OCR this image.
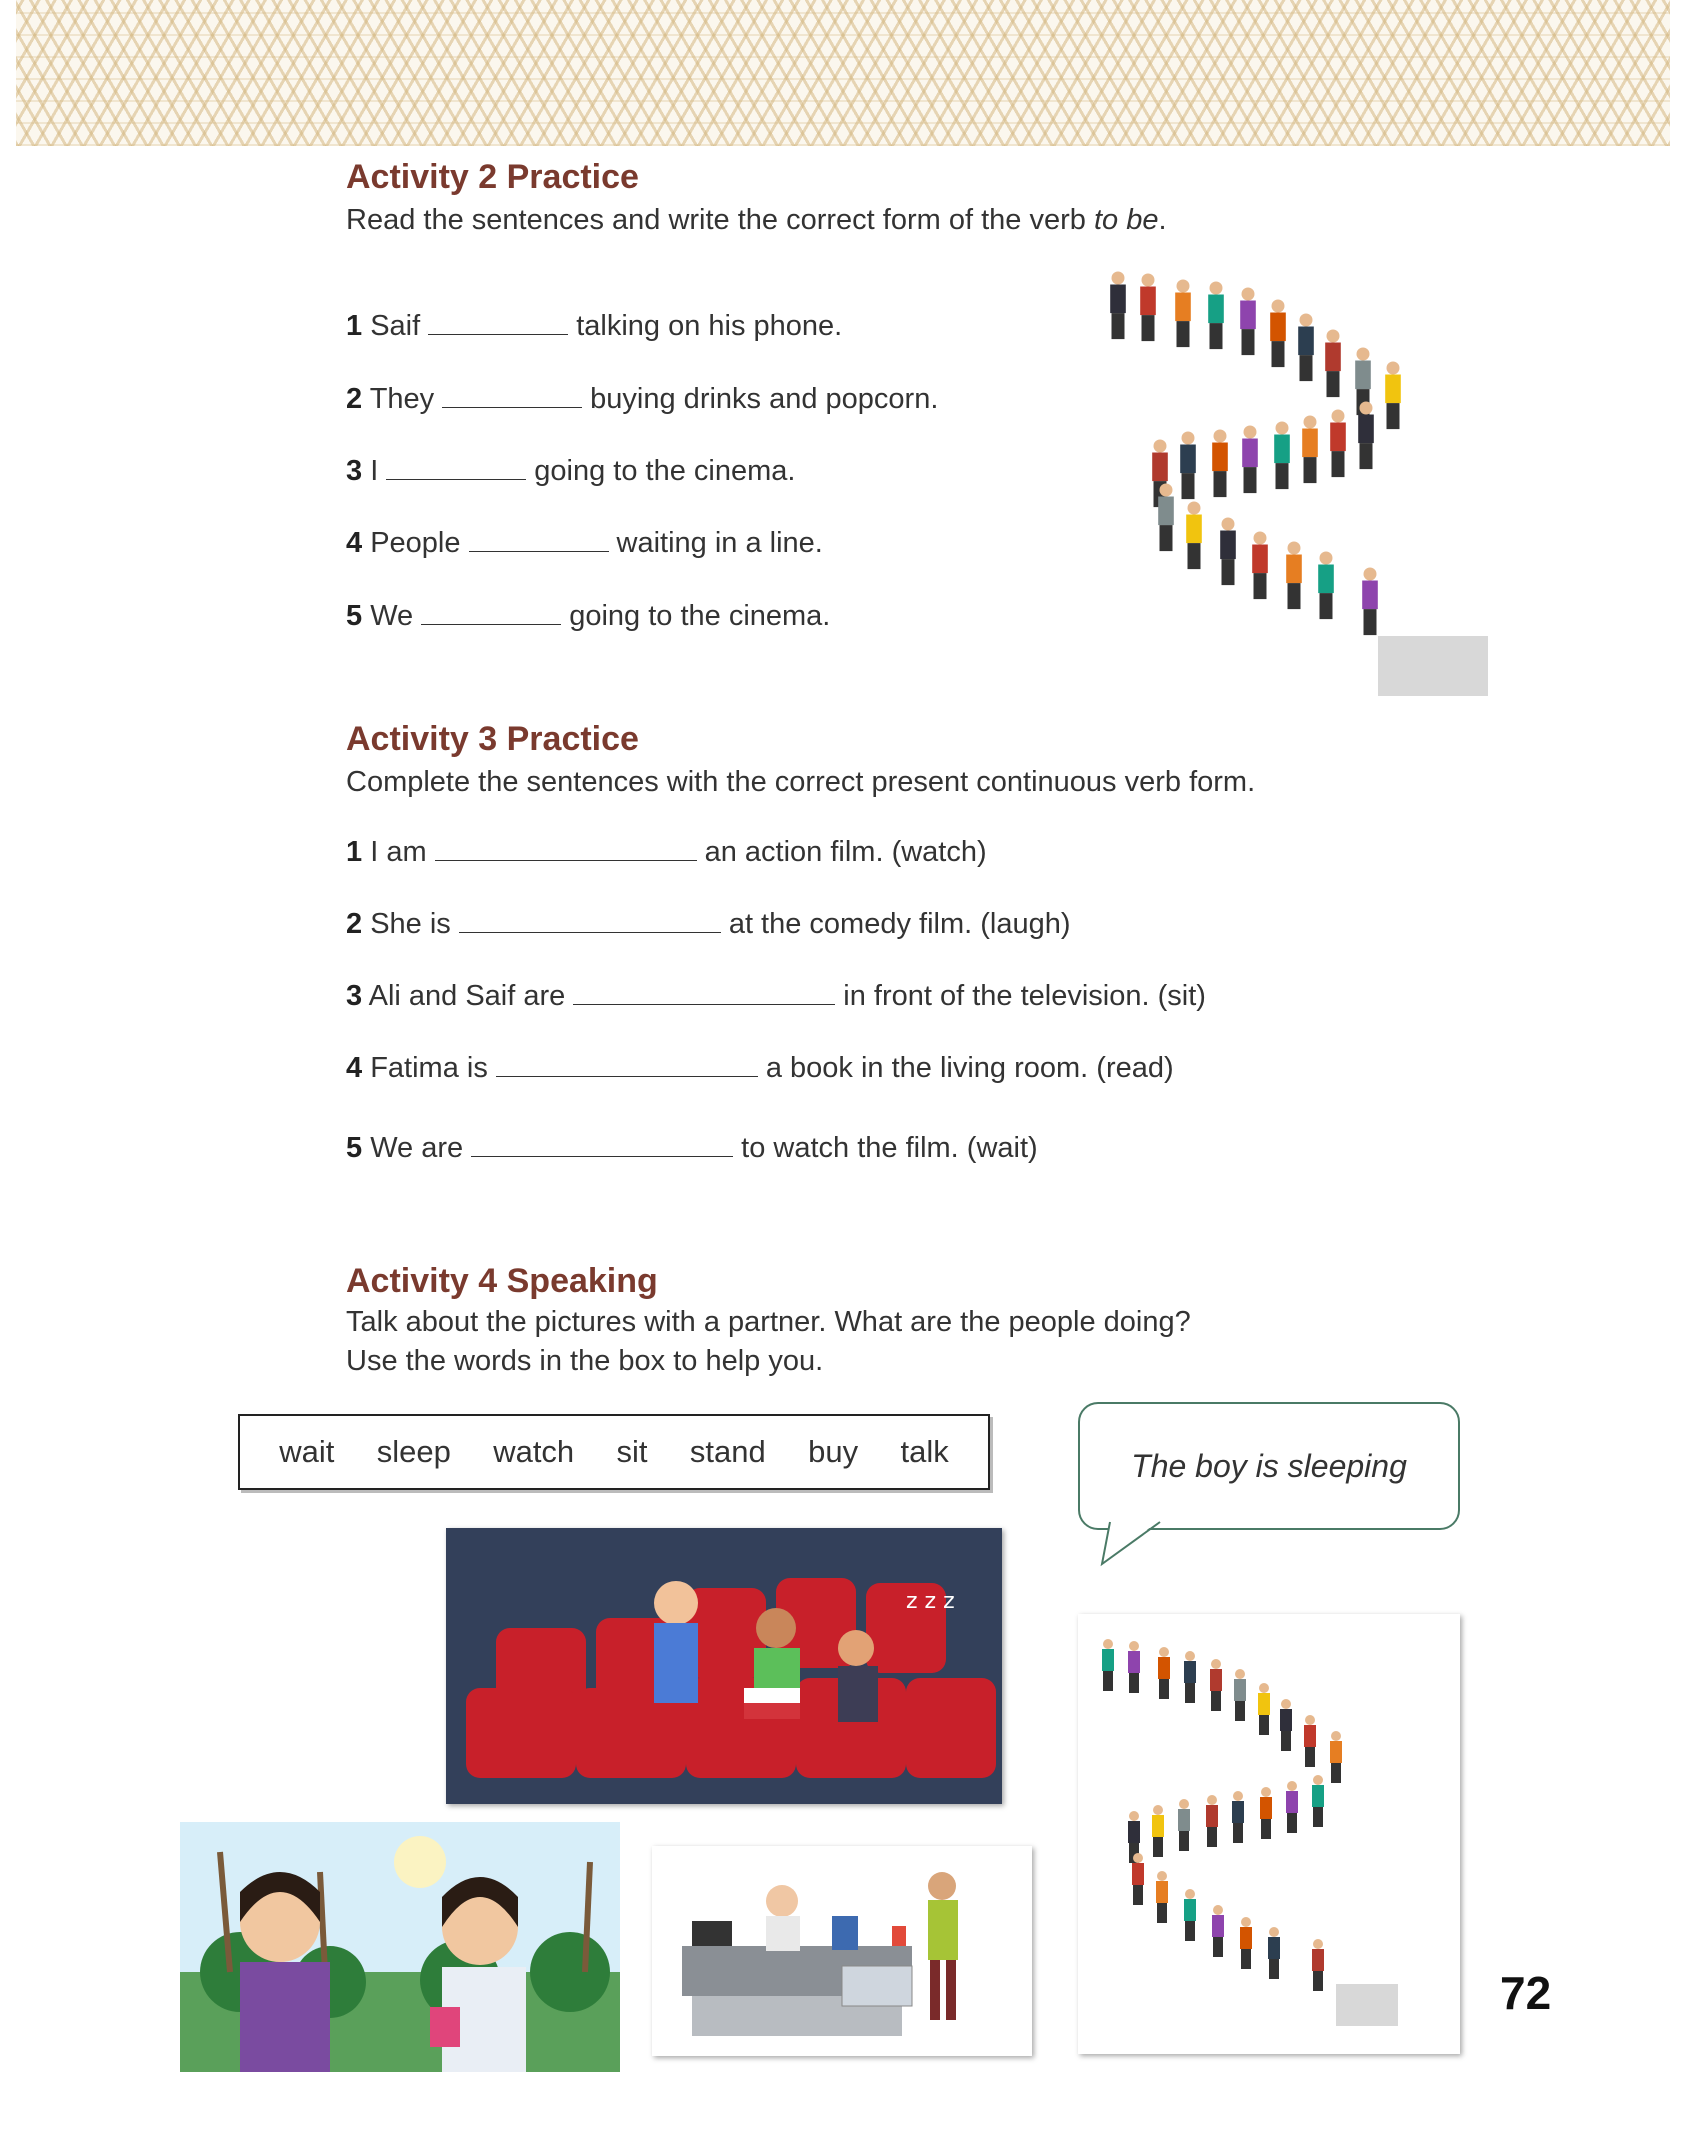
Activity 2 Practice
Read the sentences and write the correct form of the verb to be.
1 Saif	talking on his phone.
2 They	buying drinks and popcorn.
3 I	going to the cinema.
4 People	waiting in a line.
5 We	going to the cinema.
Activity 3 Practice
Complete the sentences with the correct present continuous verb form.
1 I am	an action film. (watch)
2 She is	at the comedy film. (laugh)
3 Ali and Saif are	in front of the television. (sit)
4 Fatima is	a book in the living room. (read)
5 We are	to watch the film. (wait)
Activity 4 Speaking
Talk about the pictures with a partner. What are the people doing?
Use the words in the box to help you.
wait sleep watch sit stand buy talk	The boy is sleeping
z z z
72
